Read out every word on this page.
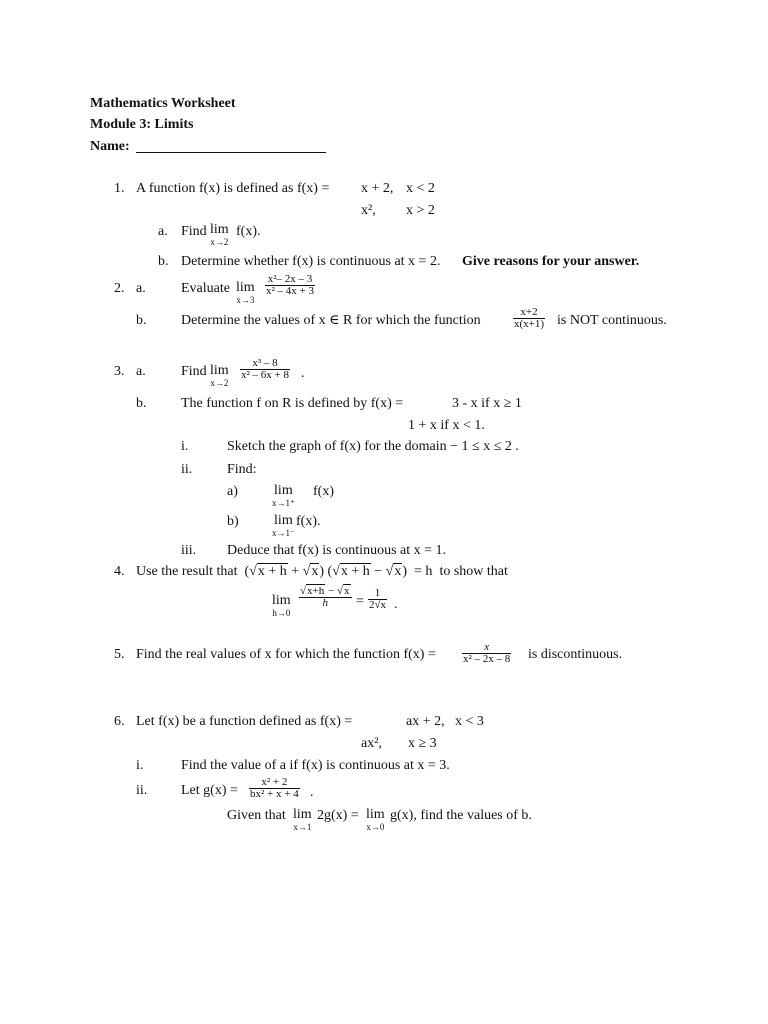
Mathematics Worksheet
Module 3: Limits
Name:
1. A function f(x) is defined as f(x) = x + 2, x < 2
x², x > 2
a. Find lim
x→2
f(x).
b. Determine whether f(x) is continuous at x = 2. Give reasons for your answer.
2. a.	Evaluate lim
x→3
$\frac{\text{x²– 2x – 3}}{\text{x² – 4x + 3}}$
b. Determine the values of x ∈ R for which the function	$\frac{x+2}{x(x+1)}$ is NOT continuous.
3. a.	Find lim
x→2
$\frac{\text{x³ – 8}}{\text{x² – 6x + 8}}$ .
b. The function f on R is defined by f(x) =	3 - x if x ≥ 1
1 + x if x < 1.
i.	Sketch the graph of f(x) for the domain − 1 ≤ x ≤ 2 .
ii. Find:
a)	lim
x→1⁺
f(x)
b)	lim
x→1⁻
f(x).
iii. Deduce that f(x) is continuous at x = 1.
4. Use the result that  (√x + h + √x) (√x + h − √x)  = h to show that
lim
h→0
$\frac{√x+h - √x}{h} = \frac{1}{2√x}$ .
5. Find the real values of x for which the function $f(x) = \frac{x}{\text{x² – 2x – 8}}$ is discontinuous.
6. Let f(x) be a function defined as f(x) =	ax + 2, x < 3
ax², x ≥ 3
i.	Find the value of a if f(x) is continuous at x = 3.
ii. Let $g(x) = \frac{\text{x² + 2}}{\text{bx² + x + 4}}$ .
Given that lim
x→1
2g(x) = lim
x→0
g(x), find the values of b.
